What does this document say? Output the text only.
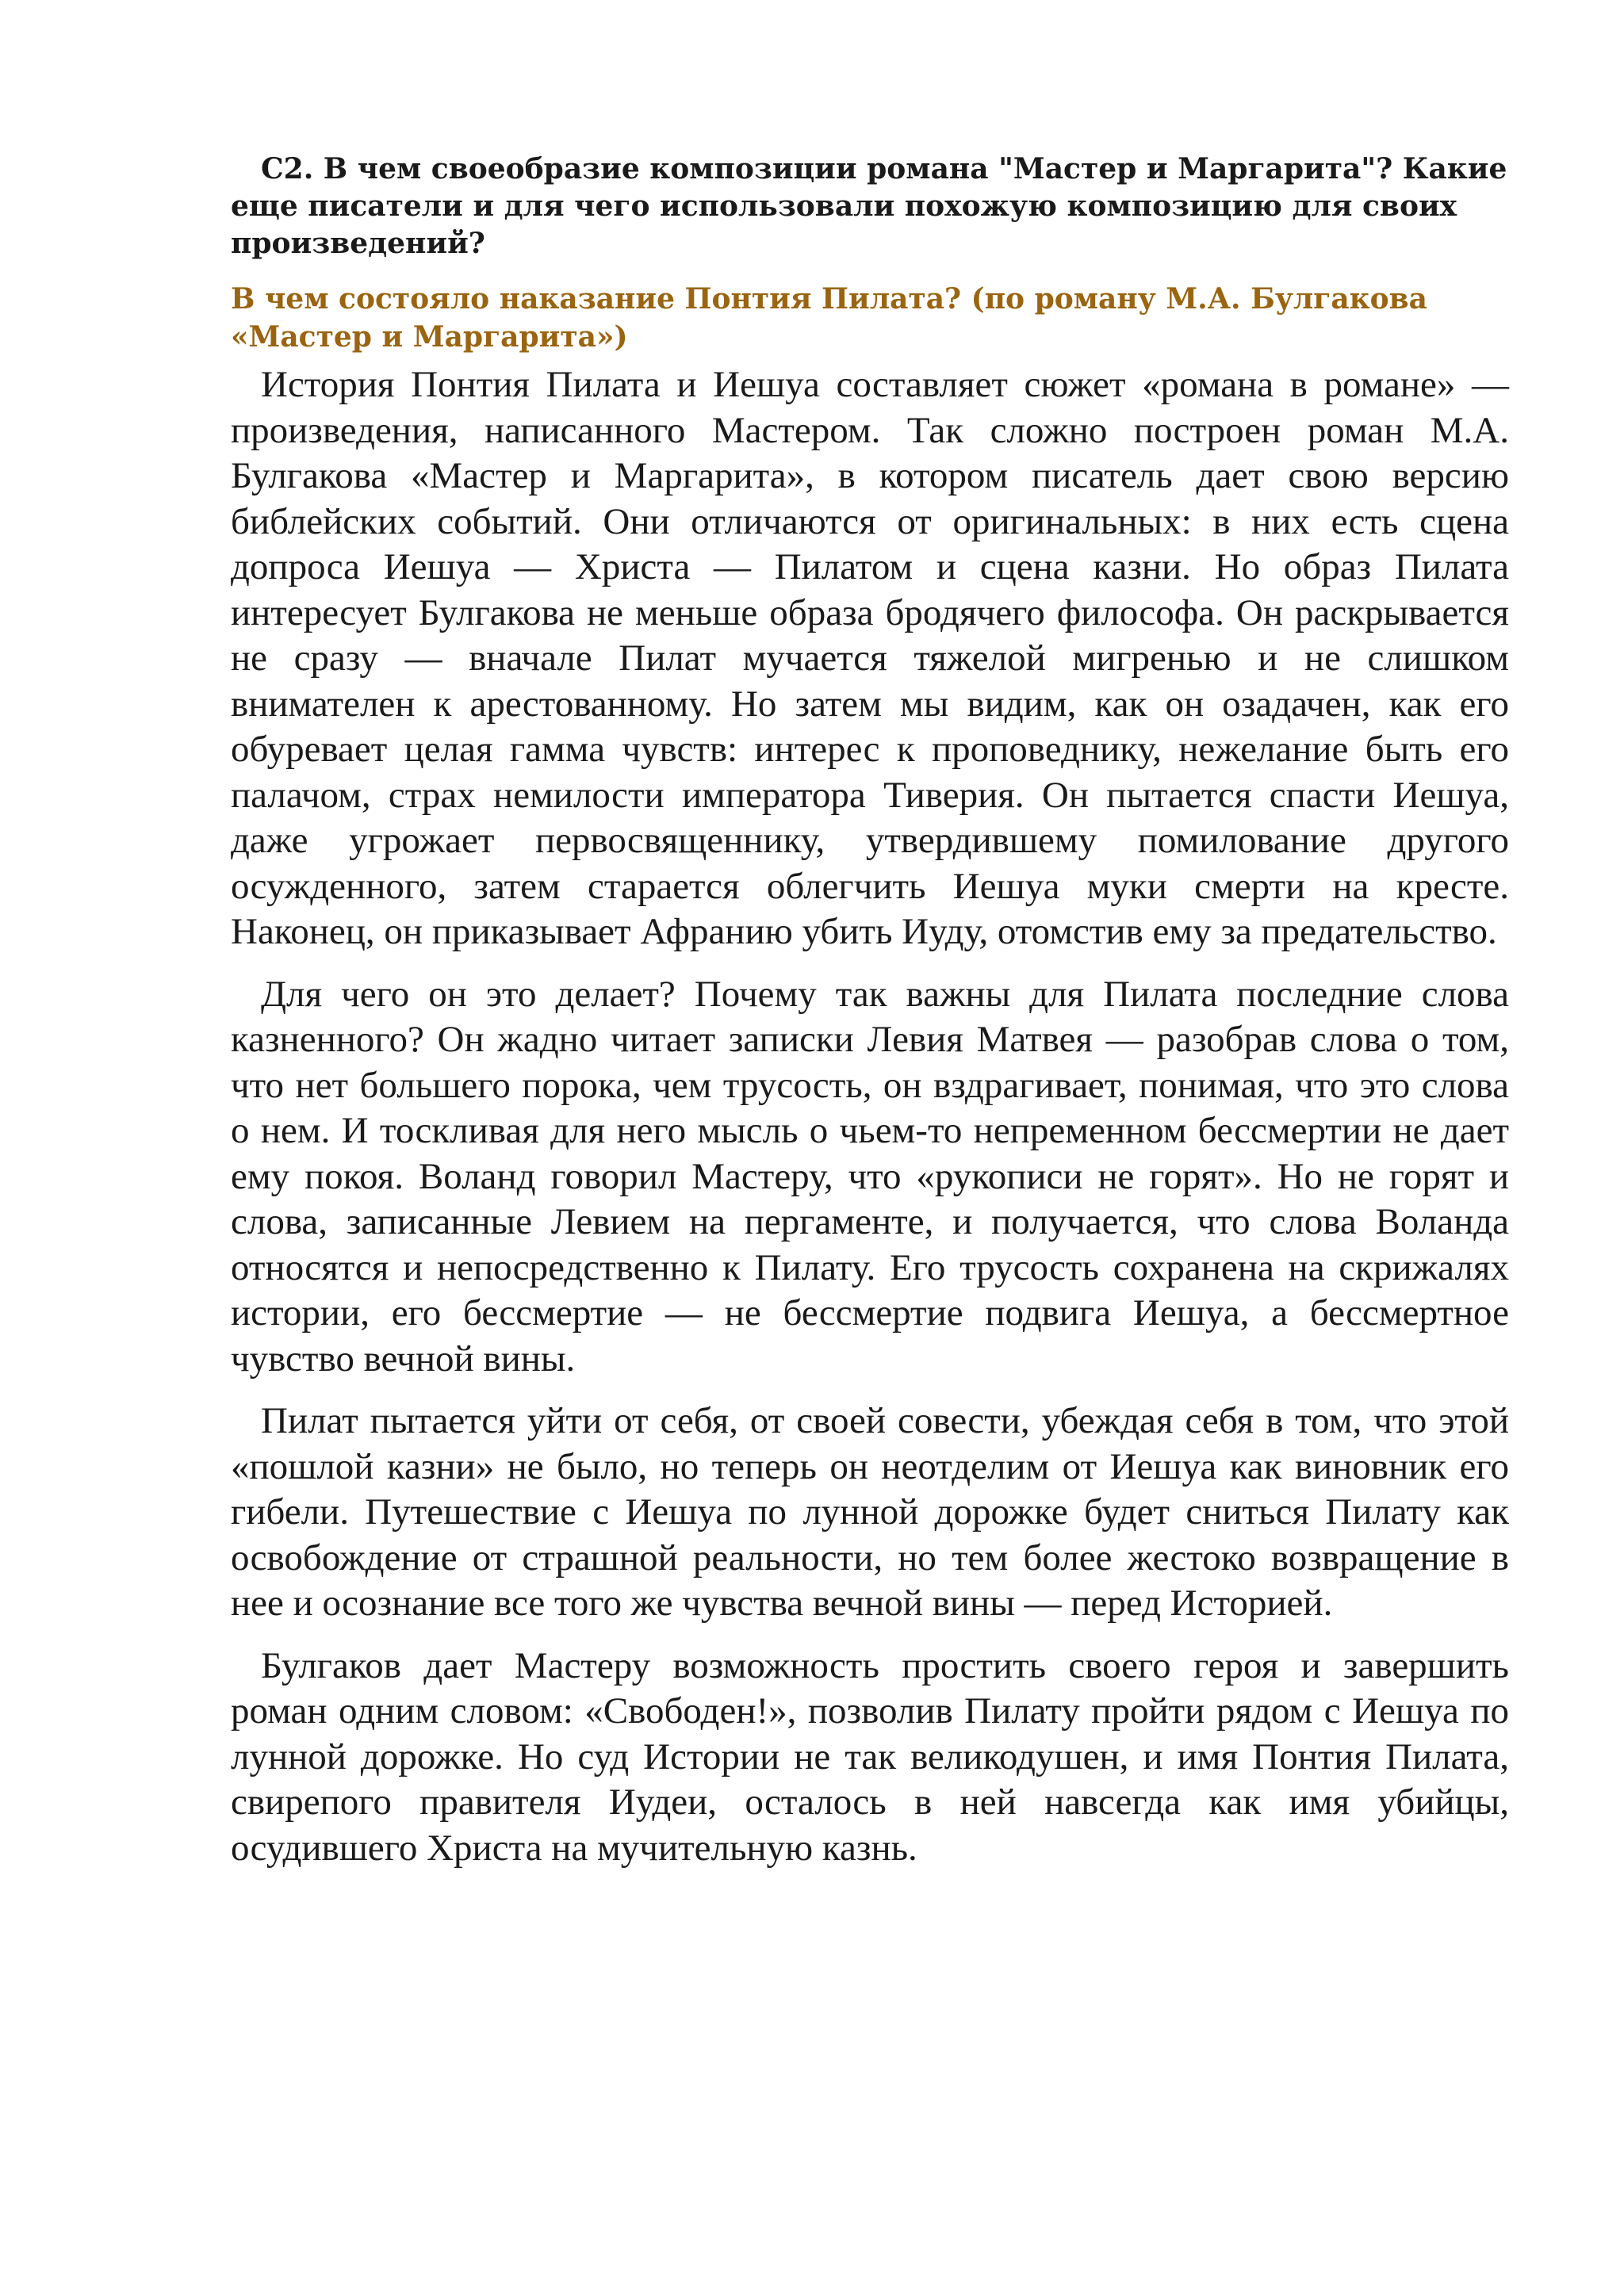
C2. В чем своеобразие композиции романа "Мастер и Маргарита"? Какие еще писатели и для чего использовали похожую композицию для своих произведений?

В чем состояло наказание Понтия Пилата? (по роману М.А. Булгакова «Мастер и Маргарита»)

История Понтия Пилата и Иешуа составляет сюжет «романа в романе» — произведения, написанного Мастером. Так сложно построен роман М.А. Булгакова «Мастер и Маргарита», в котором писатель дает свою версию библейских событий. Они отличаются от оригинальных: в них есть сцена допроса Иешуа — Христа — Пилатом и сцена казни. Но образ Пилата интересует Булгакова не меньше образа бродячего философа. Он раскрывается не сразу — вначале Пилат мучается тяжелой мигренью и не слишком внимателен к арестованному. Но затем мы видим, как он озадачен, как его обуревает целая гамма чувств: интерес к проповеднику, нежелание быть его палачом, страх немилости императора Тиверия. Он пытается спасти Иешуа, даже угрожает первосвященнику, утвердившему помилование другого осужденного, затем старается облегчить Иешуа муки смерти на кресте. Наконец, он приказывает Афранию убить Иуду, отомстив ему за предательство.

Для чего он это делает? Почему так важны для Пилата последние слова казненного? Он жадно читает записки Левия Матвея — разобрав слова о том, что нет большего порока, чем трусость, он вздрагивает, понимая, что это слова о нем. И тоскливая для него мысль о чьем-то непременном бессмертии не дает ему покоя. Воланд говорил Мастеру, что «рукописи не горят». Но не горят и слова, записанные Левием на пергаменте, и получается, что слова Воланда относятся и непосредственно к Пилату. Его трусость сохранена на скрижалях истории, его бессмертие — не бессмертие подвига Иешуа, а бессмертное чувство вечной вины.

Пилат пытается уйти от себя, от своей совести, убеждая себя в том, что этой «пошлой казни» не было, но теперь он неотделим от Иешуа как виновник его гибели. Путешествие с Иешуа по лунной дорожке будет сниться Пилату как освобождение от страшной реальности, но тем более жестоко возвращение в нее и осознание все того же чувства вечной вины — перед Историей.

Булгаков дает Мастеру возможность простить своего героя и завершить роман одним словом: «Свободен!», позволив Пилату пройти рядом с Иешуа по лунной дорожке. Но суд Истории не так великодушен, и имя Понтия Пилата, свирепого правителя Иудеи, осталось в ней навсегда как имя убийцы, осудившего Христа на мучительную казнь.
